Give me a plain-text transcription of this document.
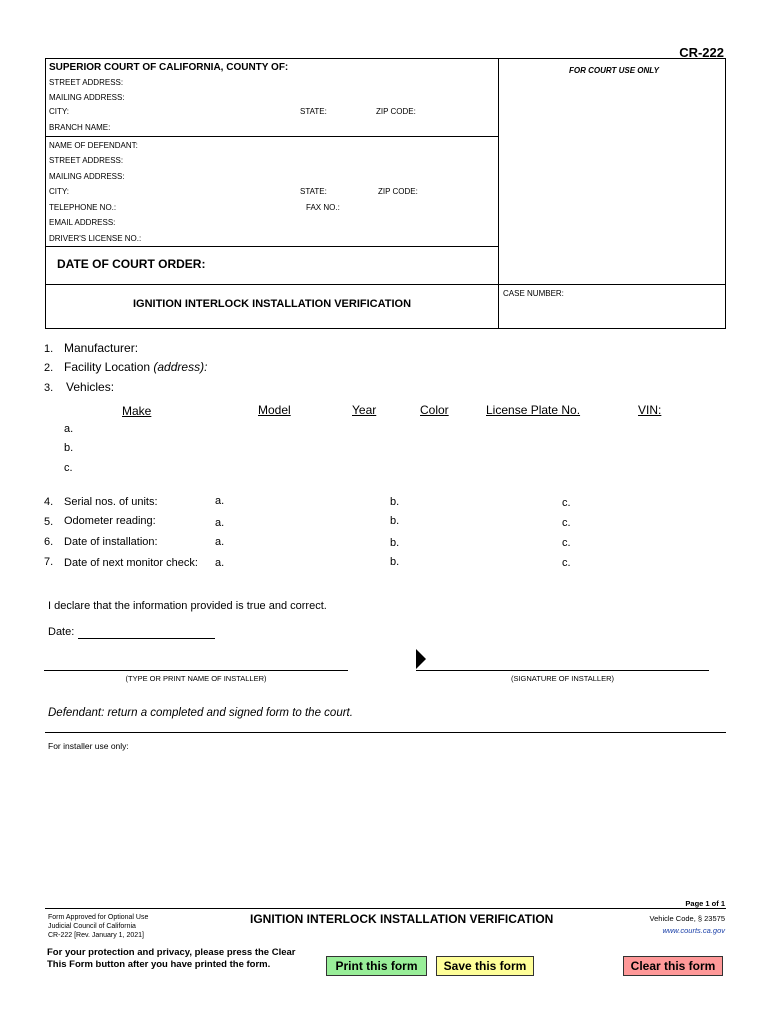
CR-222
SUPERIOR COURT OF CALIFORNIA, COUNTY OF:
STREET ADDRESS:
MAILING ADDRESS:
CITY:	STATE:	ZIP CODE:
BRANCH NAME:
FOR COURT USE ONLY
NAME OF DEFENDANT:
STREET ADDRESS:
MAILING ADDRESS:
CITY:	STATE:	ZIP CODE:
TELEPHONE NO.:	FAX NO.:
EMAIL ADDRESS:
DRIVER'S LICENSE NO.:
DATE OF COURT ORDER:
IGNITION INTERLOCK INSTALLATION VERIFICATION
CASE NUMBER:
1. Manufacturer:
2. Facility Location (address):
3. Vehicles:
Make	Model	Year	Color	License Plate No.	VIN:
a.
b.
c.
4. Serial nos. of units:	a.	b.	c.
5. Odometer reading:	a.	b.	c.
6. Date of installation:	a.	b.	c.
7. Date of next monitor check: a.	b.	c.
I declare that the information provided is true and correct.
Date:
(TYPE OR PRINT NAME OF INSTALLER)	(SIGNATURE OF INSTALLER)
Defendant: return a completed and signed form to the court.
For installer use only:
Page 1 of 1
Form Approved for Optional Use
Judicial Council of California
CR-222 [Rev. January 1, 2021]
IGNITION INTERLOCK INSTALLATION VERIFICATION	Vehicle Code, § 23575
www.courts.ca.gov
For your protection and privacy, please press the Clear
This Form button after you have printed the form.	Print this form	Save this form	Clear this form
